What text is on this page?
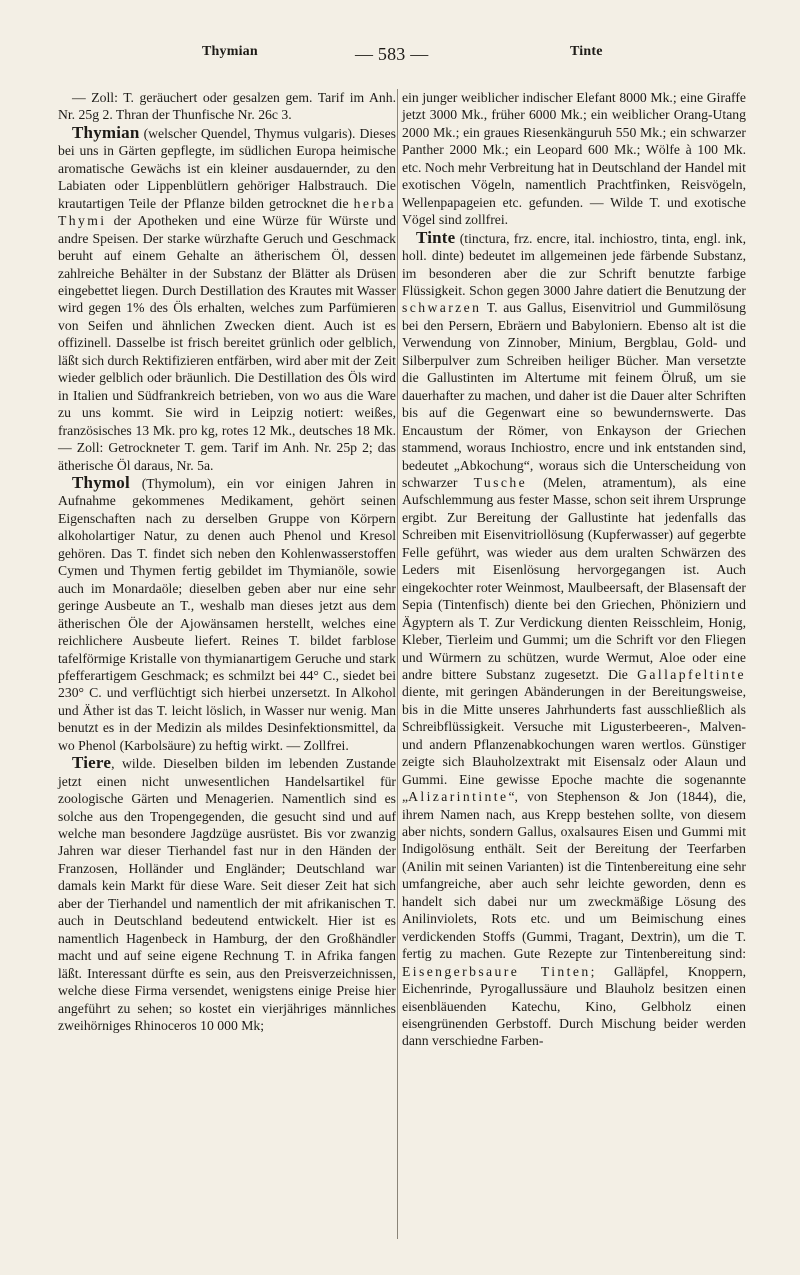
Thymian	— 583 —	Tinte

— Zoll: T. geräuchert oder gesalzen gem. Tarif im Anh. Nr. 25g 2. Thran der Thunfische Nr. 26c 3.

Thymian (welscher Quendel, Thymus vulgaris). Dieses bei uns in Gärten gepflegte, im südlichen Europa heimische aromatische Gewächs ist ein kleiner ausdauernder, zu den Labiaten oder Lippenblütlern gehöriger Halbstrauch. Die krautartigen Teile der Pflanze bilden getrocknet die herba Thymi der Apotheken und eine Würze für Würste und andre Speisen. Der starke würzhafte Geruch und Geschmack beruht auf einem Gehalte an ätherischem Öl, dessen zahlreiche Behälter in der Substanz der Blätter als Drüsen eingebettet liegen. Durch Destillation des Krautes mit Wasser wird gegen 1% des Öls erhalten, welches zum Parfümieren von Seifen und ähnlichen Zwecken dient. Auch ist es offizinell. Dasselbe ist frisch bereitet grünlich oder gelblich, läßt sich durch Rektifizieren entfärben, wird aber mit der Zeit wieder gelblich oder bräunlich. Die Destillation des Öls wird in Italien und Südfrankreich betrieben, von wo aus die Ware zu uns kommt. Sie wird in Leipzig notiert: weißes, französisches 13 Mk. pro kg, rotes 12 Mk., deutsches 18 Mk. — Zoll: Getrockneter T. gem. Tarif im Anh. Nr. 25p 2; das ätherische Öl daraus, Nr. 5a.

Thymol (Thymolum), ein vor einigen Jahren in Aufnahme gekommenes Medikament, gehört seinen Eigenschaften nach zu derselben Gruppe von Körpern alkoholartiger Natur, zu denen auch Phenol und Kresol gehören. Das T. findet sich neben den Kohlenwasserstoffen Cymen und Thymen fertig gebildet im Thymianöle, sowie auch im Monardaöle; dieselben geben aber nur eine sehr geringe Ausbeute an T., weshalb man dieses jetzt aus dem ätherischen Öle der Ajowänsamen herstellt, welches eine reichlichere Ausbeute liefert. Reines T. bildet farblose tafelförmige Kristalle von thymianartigem Geruche und stark pfefferartigem Geschmack; es schmilzt bei 44° C., siedet bei 230° C. und verflüchtigt sich hierbei unzersetzt. In Alkohol und Äther ist das T. leicht löslich, in Wasser nur wenig. Man benutzt es in der Medizin als mildes Desinfektionsmittel, da wo Phenol (Karbolsäure) zu heftig wirkt. — Zollfrei.

Tiere, wilde. Dieselben bilden im lebenden Zustande jetzt einen nicht unwesentlichen Handelsartikel für zoologische Gärten und Menagerien. Namentlich sind es solche aus den Tropengegenden, die gesucht sind und auf welche man besondere Jagdzüge ausrüstet. Bis vor zwanzig Jahren war dieser Tierhandel fast nur in den Händen der Franzosen, Holländer und Engländer; Deutschland war damals kein Markt für diese Ware. Seit dieser Zeit hat sich aber der Tierhandel und namentlich der mit afrikanischen T. auch in Deutschland bedeutend entwickelt. Hier ist es namentlich Hagenbeck in Hamburg, der den Großhändler macht und auf seine eigene Rechnung T. in Afrika fangen läßt. Interessant dürfte es sein, aus den Preisverzeichnissen, welche diese Firma versendet, wenigstens einige Preise hier angeführt zu sehen; so kostet ein vierjähriges männliches zweihörniges Rhinoceros 10 000 Mk;

ein junger weiblicher indischer Elefant 8000 Mk.; eine Giraffe jetzt 3000 Mk., früher 6000 Mk.; ein weiblicher Orang-Utang 2000 Mk.; ein graues Riesenkänguruh 550 Mk.; ein schwarzer Panther 2000 Mk.; ein Leopard 600 Mk.; Wölfe à 100 Mk. etc. Noch mehr Verbreitung hat in Deutschland der Handel mit exotischen Vögeln, namentlich Prachtfinken, Reisvögeln, Wellenpapageien etc. gefunden. — Wilde T. und exotische Vögel sind zollfrei.

Tinte (tinctura, frz. encre, ital. inchiostro, tinta, engl. ink, holl. dinte) bedeutet im allgemeinen jede färbende Substanz, im besonderen aber die zur Schrift benutzte farbige Flüssigkeit. Schon gegen 3000 Jahre datiert die Benutzung der schwarzen T. aus Gallus, Eisenvitriol und Gummilösung bei den Persern, Ebräern und Babyloniern. Ebenso alt ist die Verwendung von Zinnober, Minium, Bergblau, Gold- und Silberpulver zum Schreiben heiliger Bücher. Man versetzte die Gallustinten im Altertume mit feinem Ölruß, um sie dauerhafter zu machen, und daher ist die Dauer alter Schriften bis auf die Gegenwart eine so bewundernswerte. Das Encaustum der Römer, von Enkayson der Griechen stammend, woraus Inchiostro, encre und ink entstanden sind, bedeutet „Abkochung“, woraus sich die Unterscheidung von schwarzer Tusche (Melen, atramentum), als eine Aufschlemmung aus fester Masse, schon seit ihrem Ursprunge ergibt. Zur Bereitung der Gallustinte hat jedenfalls das Schreiben mit Eisenvitriollösung (Kupferwasser) auf gegerbte Felle geführt, was wieder aus dem uralten Schwärzen des Leders mit Eisenlösung hervorgegangen ist. Auch eingekochter roter Weinmost, Maulbeersaft, der Blasensaft der Sepia (Tintenfisch) diente bei den Griechen, Phöniziern und Ägyptern als T. Zur Verdickung dienten Reisschleim, Honig, Kleber, Tierleim und Gummi; um die Schrift vor den Fliegen und Würmern zu schützen, wurde Wermut, Aloe oder eine andre bittere Substanz zugesetzt. Die Gallapfeltinte diente, mit geringen Abänderungen in der Bereitungsweise, bis in die Mitte unseres Jahrhunderts fast ausschließlich als Schreibflüssigkeit. Versuche mit Ligusterbeeren-, Malven- und andern Pflanzenabkochungen waren wertlos. Günstiger zeigte sich Blauholzextrakt mit Eisensalz oder Alaun und Gummi. Eine gewisse Epoche machte die sogenannte „Alizarintinte“, von Stephenson & Jon (1844), die, ihrem Namen nach, aus Krepp bestehen sollte, von diesem aber nichts, sondern Gallus, oxalsaures Eisen und Gummi mit Indigolösung enthält. Seit der Bereitung der Teerfarben (Anilin mit seinen Varianten) ist die Tintenbereitung eine sehr umfangreiche, aber auch sehr leichte geworden, denn es handelt sich dabei nur um zweckmäßige Lösung des Anilinviolets, Rots etc. und um Beimischung eines verdickenden Stoffs (Gummi, Tragant, Dextrin), um die T. fertig zu machen. Gute Rezepte zur Tintenbereitung sind: Eisengerbsaure Tinten; Galläpfel, Knoppern, Eichenrinde, Pyrogallussäure und Blauholz besitzen einen eisenbläuenden Katechu, Kino, Gelbholz einen eisengrünenden Gerbstoff. Durch Mischung beider werden dann verschiedne Farben-
